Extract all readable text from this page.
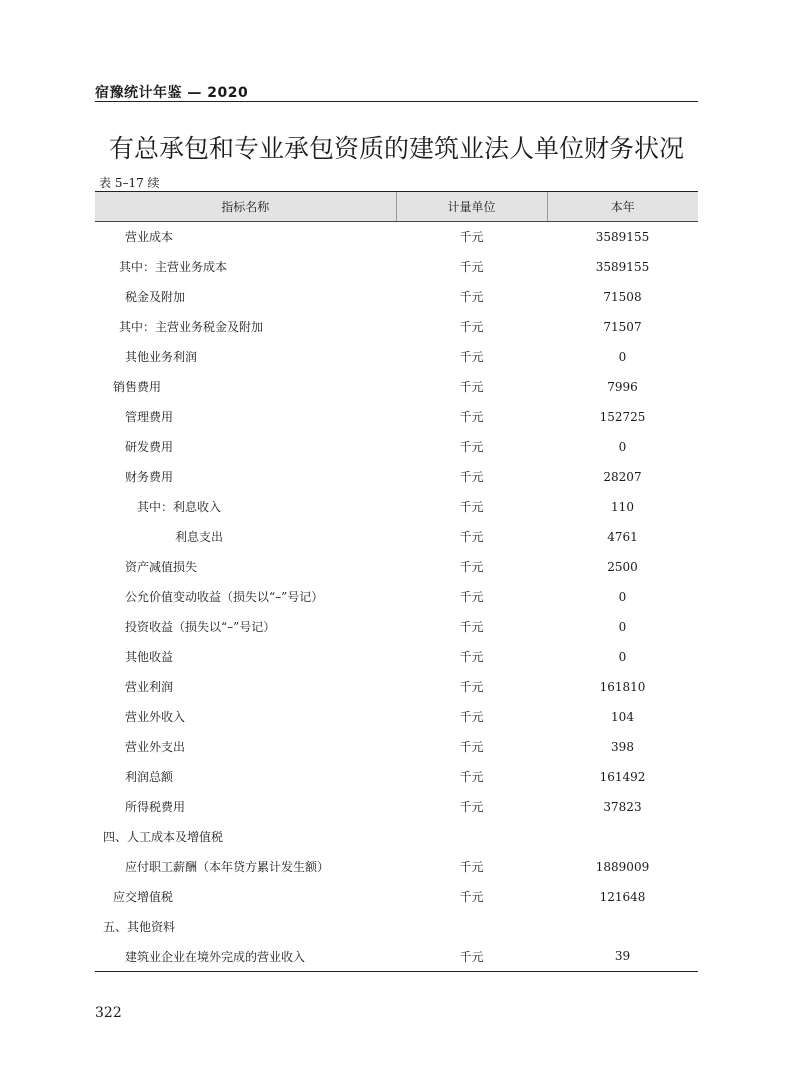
宿豫统计年鉴 — 2020
有总承包和专业承包资质的建筑业法人单位财务状况
表 5–17 续
指标名称	计量单位	本年
营业成本	千元	3589155
其中：主营业务成本	千元	3589155
税金及附加	千元	71508
其中：主营业务税金及附加	千元	71507
其他业务利润	千元	0
销售费用	千元	7996
管理费用	千元	152725
研发费用	千元	0
财务费用	千元	28207
其中：利息收入	千元	110
利息支出	千元	4761
资产减值损失	千元	2500
公允价值变动收益（损失以“–”号记）	千元	0
投资收益（损失以“–”号记）	千元	0
其他收益	千元	0
营业利润	千元	161810
营业外收入	千元	104
营业外支出	千元	398
利润总额	千元	161492
所得税费用	千元	37823
四、人工成本及增值税		
应付职工薪酬（本年贷方累计发生额）	千元	1889009
应交增值税	千元	121648
五、其他资料		
建筑业企业在境外完成的营业收入	千元	39
322
